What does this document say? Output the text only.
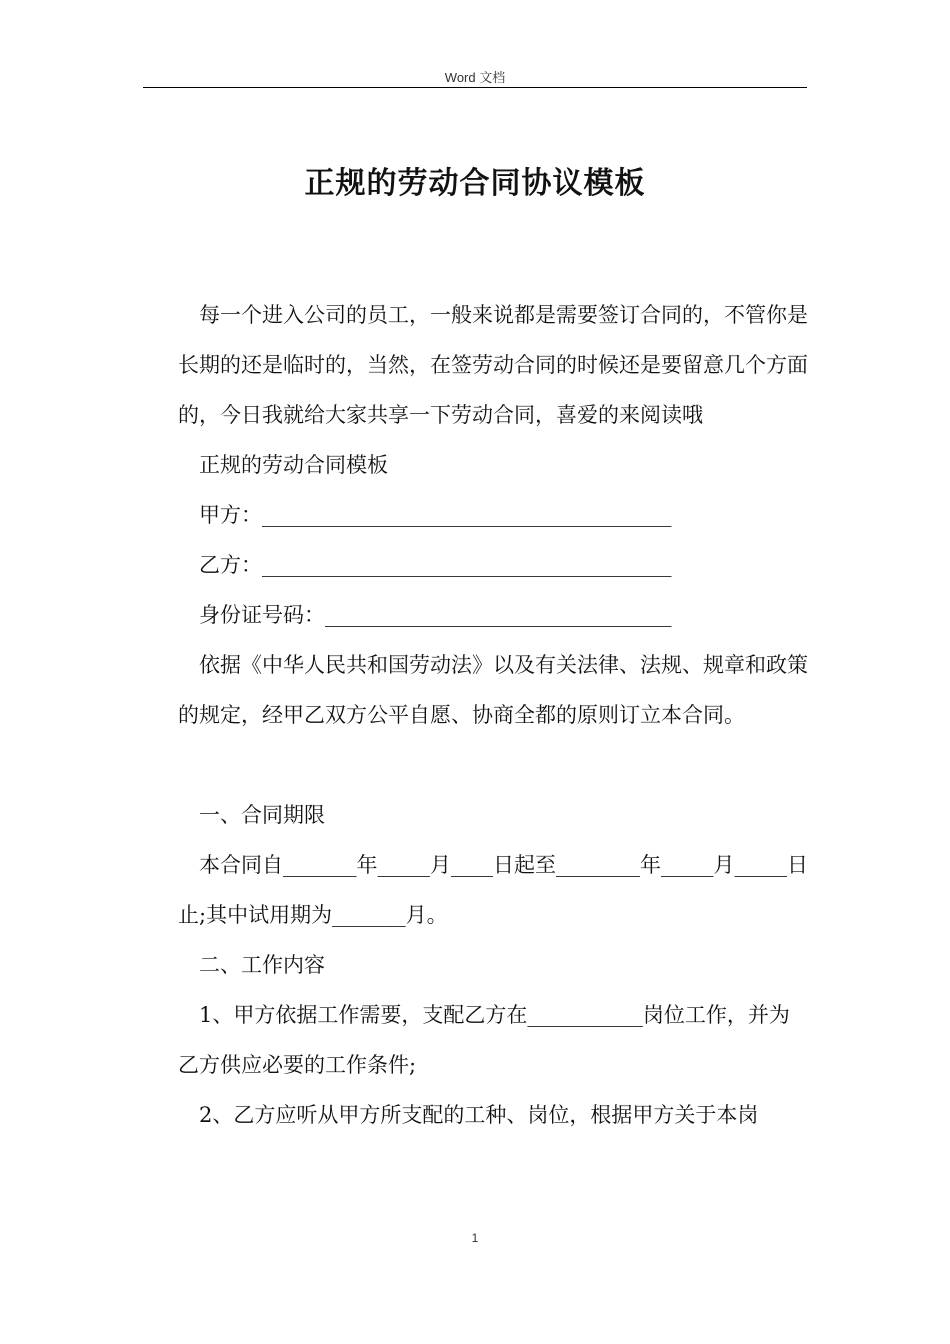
Word 文档
正规的劳动合同协议模板

每一个进入公司的员工，一般来说都是需要签订合同的，不管你是长期的还是临时的，当然，在签劳动合同的时候还是要留意几个方面的，今日我就给大家共享一下劳动合同，喜爱的来阅读哦

正规的劳动合同模板

甲方：_______________________________________

乙方：_______________________________________

身份证号码：_________________________________

依据《中华人民共和国劳动法》以及有关法律、法规、规章和政策的规定，经甲乙双方公平自愿、协商全都的原则订立本合同。

一、合同期限

本合同自_______年_____月____日起至________年_____月_____日止;其中试用期为_______月。

二、工作内容

1、甲方依据工作需要，支配乙方在___________岗位工作，并为乙方供应必要的工作条件;

2、乙方应听从甲方所支配的工种、岗位，根据甲方关于本岗

1
